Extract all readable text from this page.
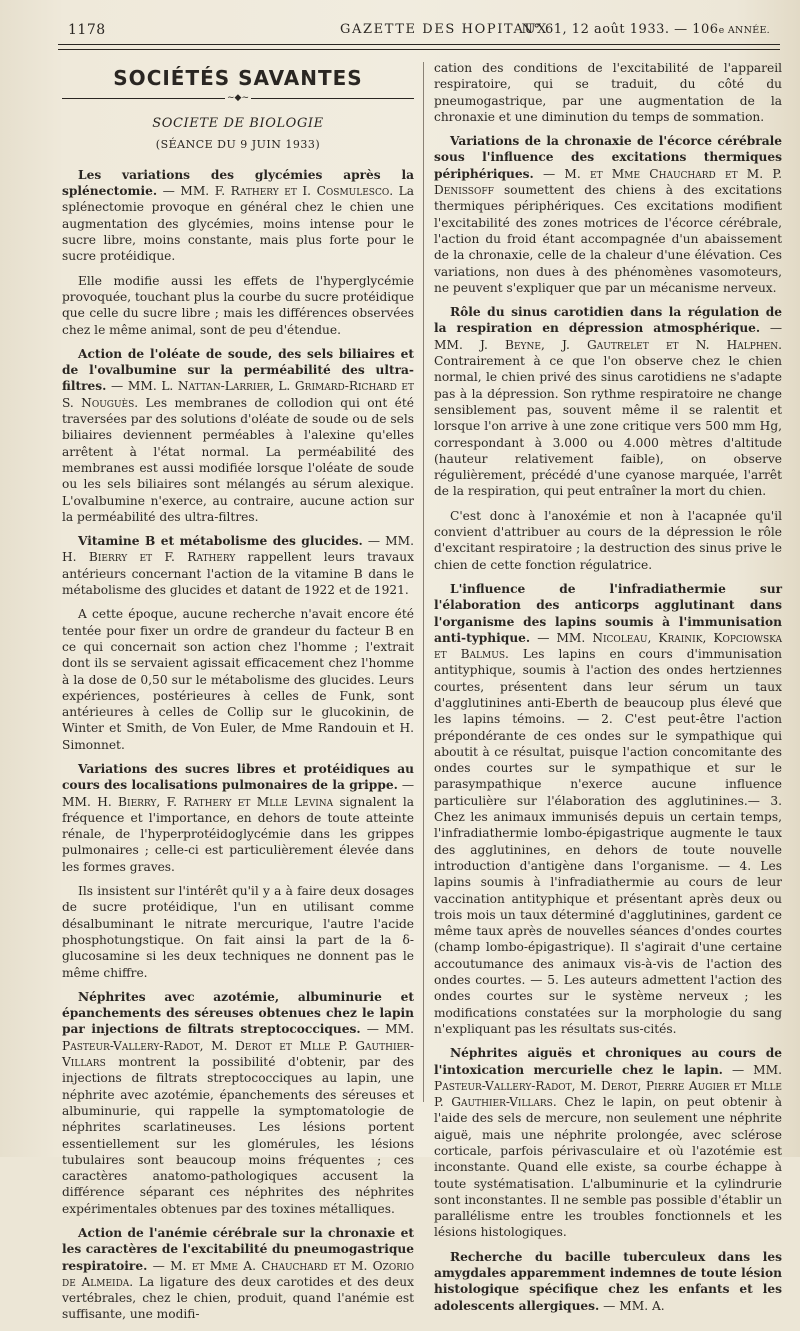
1178	GAZETTE DES HOPITAUX
N° 61, 12 août 1933. — 106e ANNÉE.
SOCIÉTÉS SAVANTES
~◆~

SOCIETE DE BIOLOGIE

(SÉANCE DU 9 JUIN 1933)

Les variations des glycémies après la splénectomie. — MM. F. Rathery et I. Cosmulesco. La splénectomie provoque en général chez le chien une augmentation des glycémies, moins intense pour le sucre libre, moins constante, mais plus forte pour le sucre protéidique.

Elle modifie aussi les effets de l'hyperglycémie provoquée, touchant plus la courbe du sucre protéidique que celle du sucre libre ; mais les différences observées chez le même animal, sont de peu d'étendue.

Action de l'oléate de soude, des sels biliaires et de l'ovalbumine sur la perméabilité des ultra-filtres. — MM. L. Nattan-Larrier, L. Grimard-Richard et S. Nouguès. Les membranes de collodion qui ont été traversées par des solutions d'oléate de soude ou de sels biliaires deviennent perméables à l'alexine qu'elles arrêtent à l'état normal. La perméabilité des membranes est aussi modifiée lorsque l'oléate de soude ou les sels biliaires sont mélangés au sérum alexique. L'ovalbumine n'exerce, au contraire, aucune action sur la perméabilité des ultra-filtres.

Vitamine B et métabolisme des glucides. — MM. H. Bierry et F. Rathery rappellent leurs travaux antérieurs concernant l'action de la vitamine B dans le métabolisme des glucides et datant de 1922 et de 1921.

A cette époque, aucune recherche n'avait encore été tentée pour fixer un ordre de grandeur du facteur B en ce qui concernait son action chez l'homme ; l'extrait dont ils se servaient agissait efficacement chez l'homme à la dose de 0,50 sur le métabolisme des glucides. Leurs expériences, postérieures à celles de Funk, sont antérieures à celles de Collip sur le glucokinin, de Winter et Smith, de Von Euler, de Mme Randouin et H. Simonnet.

Variations des sucres libres et protéidiques au cours des localisations pulmonaires de la grippe. — MM. H. Bierry, F. Rathery et Mlle Levina signalent la fréquence et l'importance, en dehors de toute atteinte rénale, de l'hyperprotéidoglycémie dans les grippes pulmonaires ; celle-ci est particulièrement élevée dans les formes graves.

Ils insistent sur l'intérêt qu'il y a à faire deux dosages de sucre protéidique, l'un en utilisant comme désalbuminant le nitrate mercurique, l'autre l'acide phosphotungstique. On fait ainsi la part de la δ-glucosamine si les deux techniques ne donnent pas le même chiffre.

Néphrites avec azotémie, albuminurie et épanchements des séreuses obtenues chez le lapin par injections de filtrats streptococciques. — MM. Pasteur-Vallery-Radot, M. Derot et Mlle P. Gauthier-Villars montrent la possibilité d'obtenir, par des injections de filtrats streptococciques au lapin, une néphrite avec azotémie, épanchements des séreuses et albuminurie, qui rappelle la symptomatologie de néphrites scarlatineuses. Les lésions portent essentiellement sur les glomérules, les lésions tubulaires sont beaucoup moins fréquentes ; ces caractères anatomo-pathologiques accusent la différence séparant ces néphrites des néphrites expérimentales obtenues par des toxines métalliques.

Action de l'anémie cérébrale sur la chronaxie et les caractères de l'excitabilité du pneumogastrique respiratoire. — M. et Mme A. Chauchard et M. Ozorio de Almeida. La ligature des deux carotides et des deux vertébrales, chez le chien, produit, quand l'anémie est suffisante, une modifi-

cation des conditions de l'excitabilité de l'appareil respiratoire, qui se traduit, du côté du pneumogastrique, par une augmentation de la chronaxie et une diminution du temps de sommation.

Variations de la chronaxie de l'écorce cérébrale sous l'influence des excitations thermiques périphériques. — M. et Mme Chauchard et M. P. Denissoff soumettent des chiens à des excitations thermiques périphériques. Ces excitations modifient l'excitabilité des zones motrices de l'écorce cérébrale, l'action du froid étant accompagnée d'un abaissement de la chronaxie, celle de la chaleur d'une élévation. Ces variations, non dues à des phénomènes vasomoteurs, ne peuvent s'expliquer que par un mécanisme nerveux.

Rôle du sinus carotidien dans la régulation de la respiration en dépression atmosphérique. — MM. J. Beyne, J. Gautrelet et N. Halphen. Contrairement à ce que l'on observe chez le chien normal, le chien privé des sinus carotidiens ne s'adapte pas à la dépression. Son rythme respiratoire ne change sensiblement pas, souvent même il se ralentit et lorsque l'on arrive à une zone critique vers 500 mm Hg, correspondant à 3.000 ou 4.000 mètres d'altitude (hauteur relativement faible), on observe régulièrement, précédé d'une cyanose marquée, l'arrêt de la respiration, qui peut entraîner la mort du chien.

C'est donc à l'anoxémie et non à l'acapnée qu'il convient d'attribuer au cours de la dépression le rôle d'excitant respiratoire ; la destruction des sinus prive le chien de cette fonction régulatrice.

L'influence de l'infradiathermie sur l'élaboration des anticorps agglutinant dans l'organisme des lapins soumis à l'immunisation anti-typhique. — MM. Nicoleau, Krainik, Kopciowska et Balmus. Les lapins en cours d'immunisation antityphique, soumis à l'action des ondes hertziennes courtes, présentent dans leur sérum un taux d'agglutinines anti-Eberth de beaucoup plus élevé que les lapins témoins. — 2. C'est peut-être l'action prépondérante de ces ondes sur le sympathique qui aboutit à ce résultat, puisque l'action concomitante des ondes courtes sur le sympathique et sur le parasympathique n'exerce aucune influence particulière sur l'élaboration des agglutinines.— 3. Chez les animaux immunisés depuis un certain temps, l'infradiathermie lombo-épigastrique augmente le taux des agglutinines, en dehors de toute nouvelle introduction d'antigène dans l'organisme. — 4. Les lapins soumis à l'infradiathermie au cours de leur vaccination antityphique et présentant après deux ou trois mois un taux déterminé d'agglutinines, gardent ce même taux après de nouvelles séances d'ondes courtes (champ lombo-épigastrique). Il s'agirait d'une certaine accoutumance des animaux vis-à-vis de l'action des ondes courtes. — 5. Les auteurs admettent l'action des ondes courtes sur le système nerveux ; les modifications constatées sur la morphologie du sang n'expliquant pas les résultats sus-cités.

Néphrites aiguës et chroniques au cours de l'intoxication mercurielle chez le lapin. — MM. Pasteur-Vallery-Radot, M. Derot, Pierre Augier et Mlle P. Gauthier-Villars. Chez le lapin, on peut obtenir à l'aide des sels de mercure, non seulement une néphrite aiguë, mais une néphrite prolongée, avec sclérose corticale, parfois périvasculaire et où l'azotémie est inconstante. Quand elle existe, sa courbe échappe à toute systématisation. L'albuminurie et la cylindrurie sont inconstantes. Il ne semble pas possible d'établir un parallélisme entre les troubles fonctionnels et les lésions histologiques.

Recherche du bacille tuberculeux dans les amygdales apparemment indemnes de toute lésion histologique spécifique chez les enfants et les adolescents allergiques. — MM. A.
